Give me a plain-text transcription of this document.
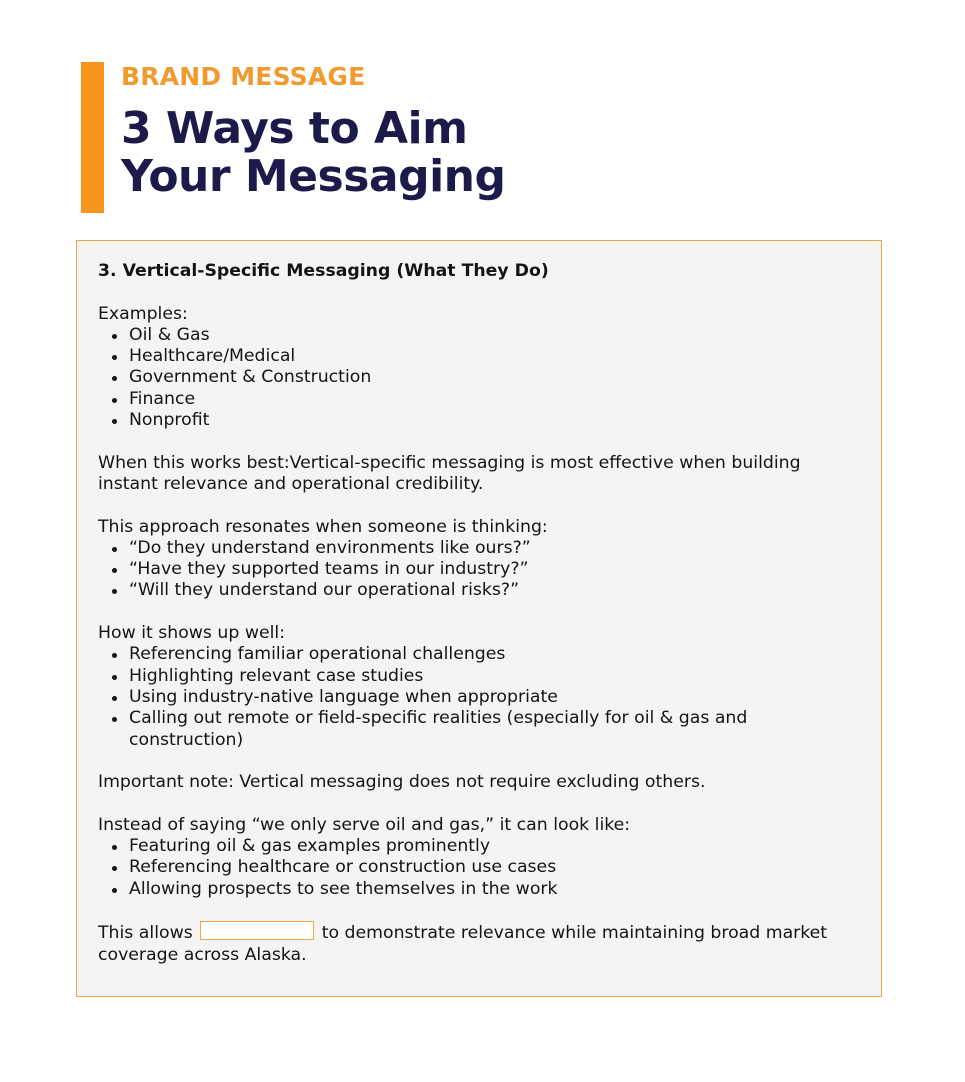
BRAND MESSAGE
3 Ways to Aim
Your Messaging

3. Vertical-Specific Messaging (What They Do)

Examples:

Oil & Gas
Healthcare/Medical
Government & Construction
Finance
Nonprofit

When this works best:Vertical-specific messaging is most effective when building instant relevance and operational credibility.

This approach resonates when someone is thinking:

“Do they understand environments like ours?”
“Have they supported teams in our industry?”
“Will they understand our operational risks?”

How it shows up well:

Referencing familiar operational challenges
Highlighting relevant case studies
Using industry-native language when appropriate
Calling out remote or field-specific realities (especially for oil & gas and construction)

Important note: Vertical messaging does not require excluding others.

Instead of saying “we only serve oil and gas,” it can look like:

Featuring oil & gas examples prominently
Referencing healthcare or construction use cases
Allowing prospects to see themselves in the work

This allows	to demonstrate relevance while maintaining broad market coverage across Alaska.
